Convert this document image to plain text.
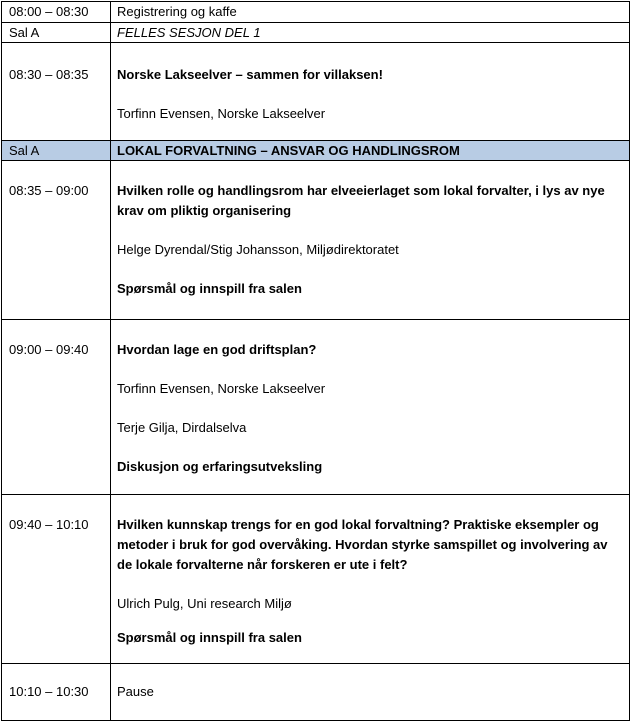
08:00 – 08:30	Registrering og kaffe
Sal A	FELLES SESJON DEL 1

08:30 – 08:35	Norske Lakseelver – sammen for villaksen!

Torfinn Evensen, Norske Lakseelver

Sal A	LOKAL FORVALTNING – ANSVAR OG HANDLINGSROM

08:35 – 09:00	Hvilken rolle og handlingsrom har elveeierlaget som lokal forvalter, i lys av nye krav om pliktig organisering

Helge Dyrendal/Stig Johansson, Miljødirektoratet

Spørsmål og innspill fra salen

09:00 – 09:40	Hvordan lage en god driftsplan?

Torfinn Evensen, Norske Lakseelver

Terje Gilja, Dirdalselva

Diskusjon og erfaringsutveksling

09:40 – 10:10	Hvilken kunnskap trengs for en god lokal forvaltning? Praktiske eksempler og metoder i bruk for god overvåking. Hvordan styrke samspillet og involvering av de lokale forvalterne når forskeren er ute i felt?

Ulrich Pulg, Uni research Miljø

Spørsmål og innspill fra salen

10:10 – 10:30	Pause
